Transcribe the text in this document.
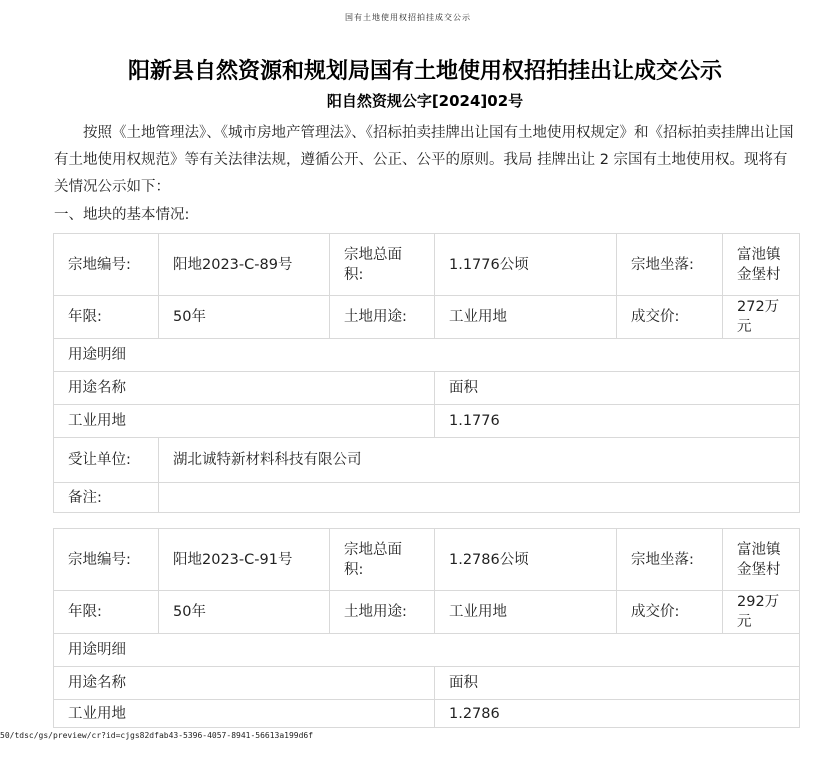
国有土地使用权招拍挂成交公示
阳新县自然资源和规划局国有土地使用权招拍挂出让成交公示
阳自然资规公字[2024]02号
按照《土地管理法》、《城市房地产管理法》、《招标拍卖挂牌出让国有土地使用权规定》和《招标拍卖挂牌出让国有土地使用权规范》等有关法律法规，遵循公开、公正、公平的原则。我局 挂牌出让 2 宗国有土地使用权。现将有关情况公示如下：
一、地块的基本情况:
宗地编号:	阳地2023-C-89号	宗地总面积:	1.1776公顷	宗地坐落:	富池镇金堡村
年限:	50年	土地用途:	工业用地	成交价:	272万元
用途明细					
用途名称			面积		
工业用地			1.1776		
受让单位:	湖北诚特新材料科技有限公司				
备注:					
宗地编号:	阳地2023-C-91号	宗地总面积:	1.2786公顷	宗地坐落:	富池镇金堡村
年限:	50年	土地用途:	工业用地	成交价:	292万元
用途明细					
用途名称			面积		
工业用地			1.2786		
50/tdsc/gs/preview/cr?id=cjgs82dfab43-5396-4057-8941-56613a199d6f
